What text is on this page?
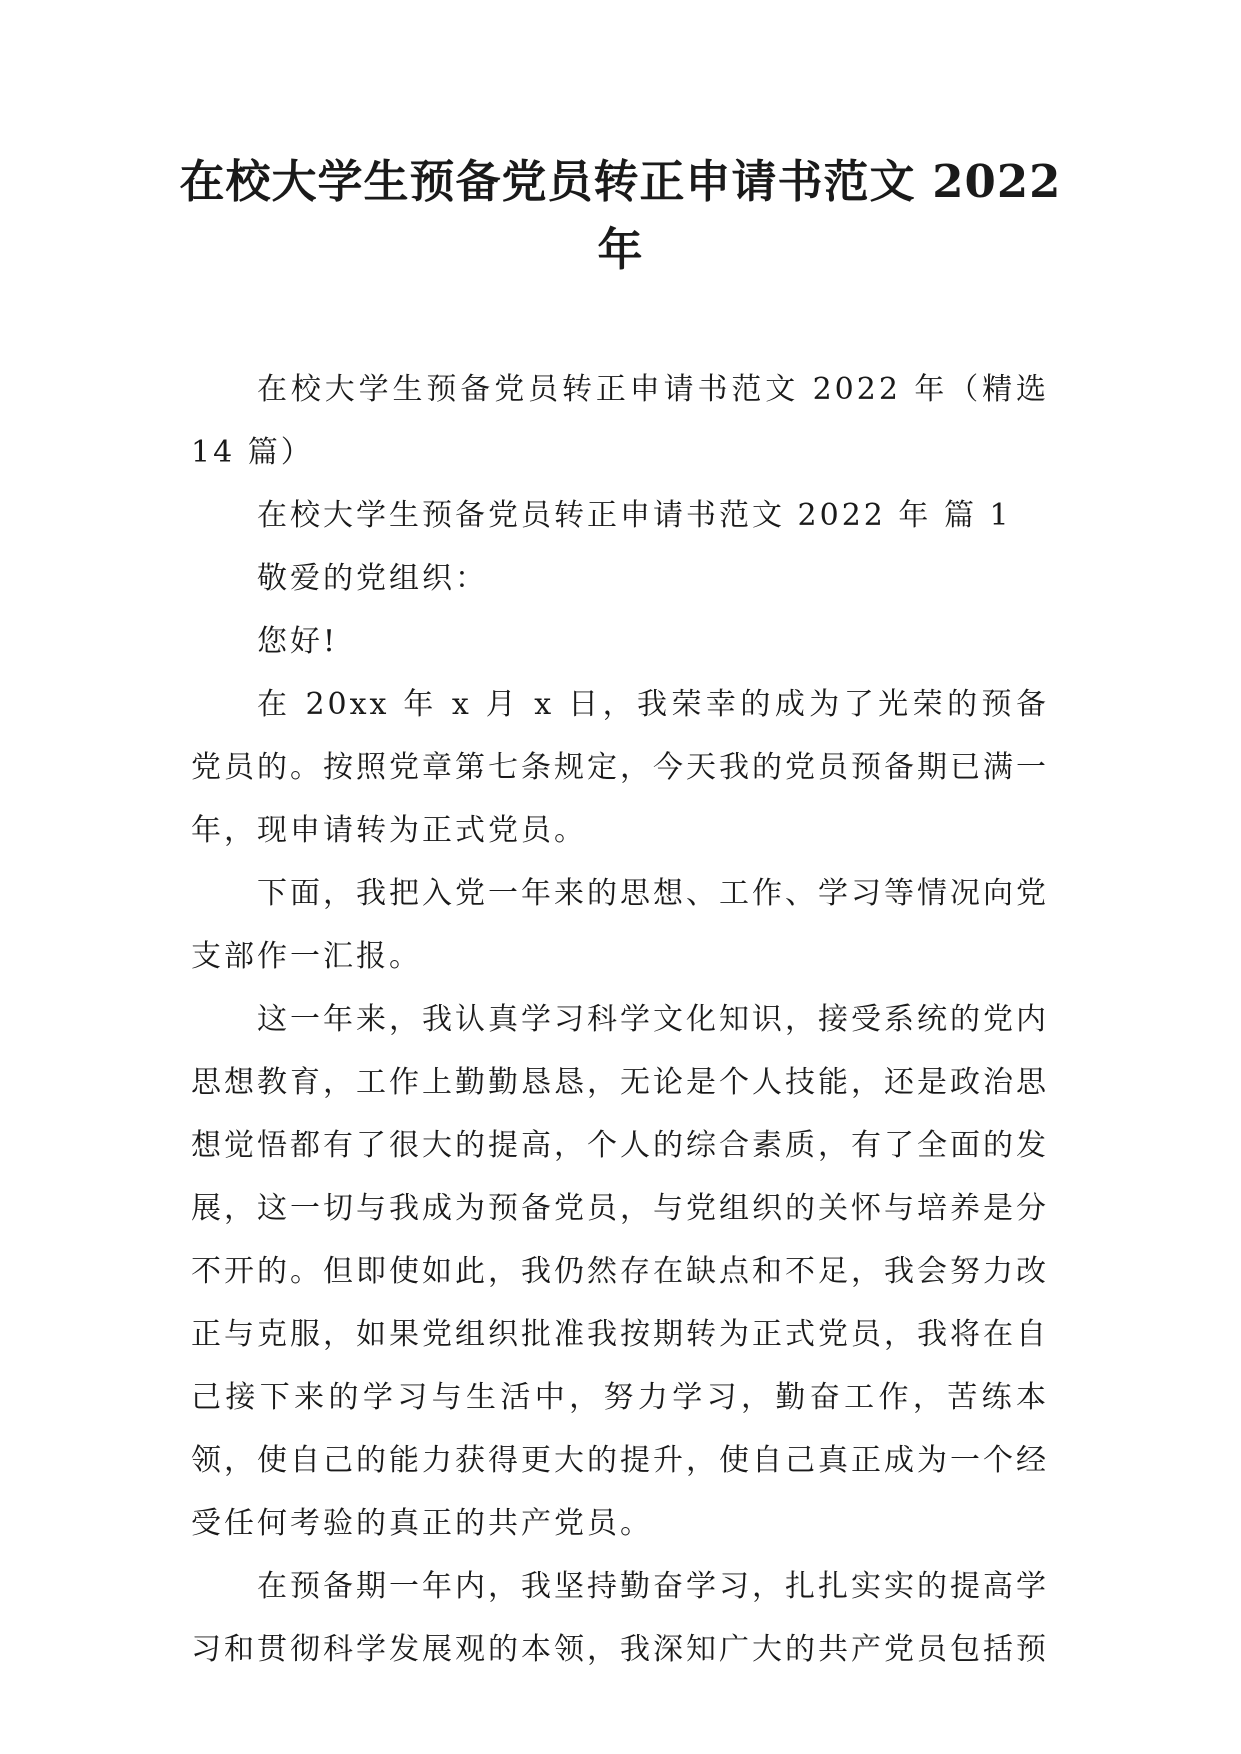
在校大学生预备党员转正申请书范文 2022
年

在校大学生预备党员转正申请书范文 2022 年（精选 14 篇）

在校大学生预备党员转正申请书范文 2022 年 篇 1

敬爱的党组织：

您好!

在 20xx 年 x 月 x 日，我荣幸的成为了光荣的预备党员的。按照党章第七条规定，今天我的党员预备期已满一年，现申请转为正式党员。

下面，我把入党一年来的思想、工作、学习等情况向党支部作一汇报。

这一年来，我认真学习科学文化知识，接受系统的党内思想教育，工作上勤勤恳恳，无论是个人技能，还是政治思想觉悟都有了很大的提高，个人的综合素质，有了全面的发展，这一切与我成为预备党员，与党组织的关怀与培养是分不开的。但即使如此，我仍然存在缺点和不足，我会努力改正与克服，如果党组织批准我按期转为正式党员，我将在自己接下来的学习与生活中，努力学习，勤奋工作，苦练本领，使自己的能力获得更大的提升，使自己真正成为一个经受任何考验的真正的共产党员。

在预备期一年内，我坚持勤奋学习，扎扎实实的提高学习和贯彻科学发展观的本领，我深知广大的共产党员包括预
